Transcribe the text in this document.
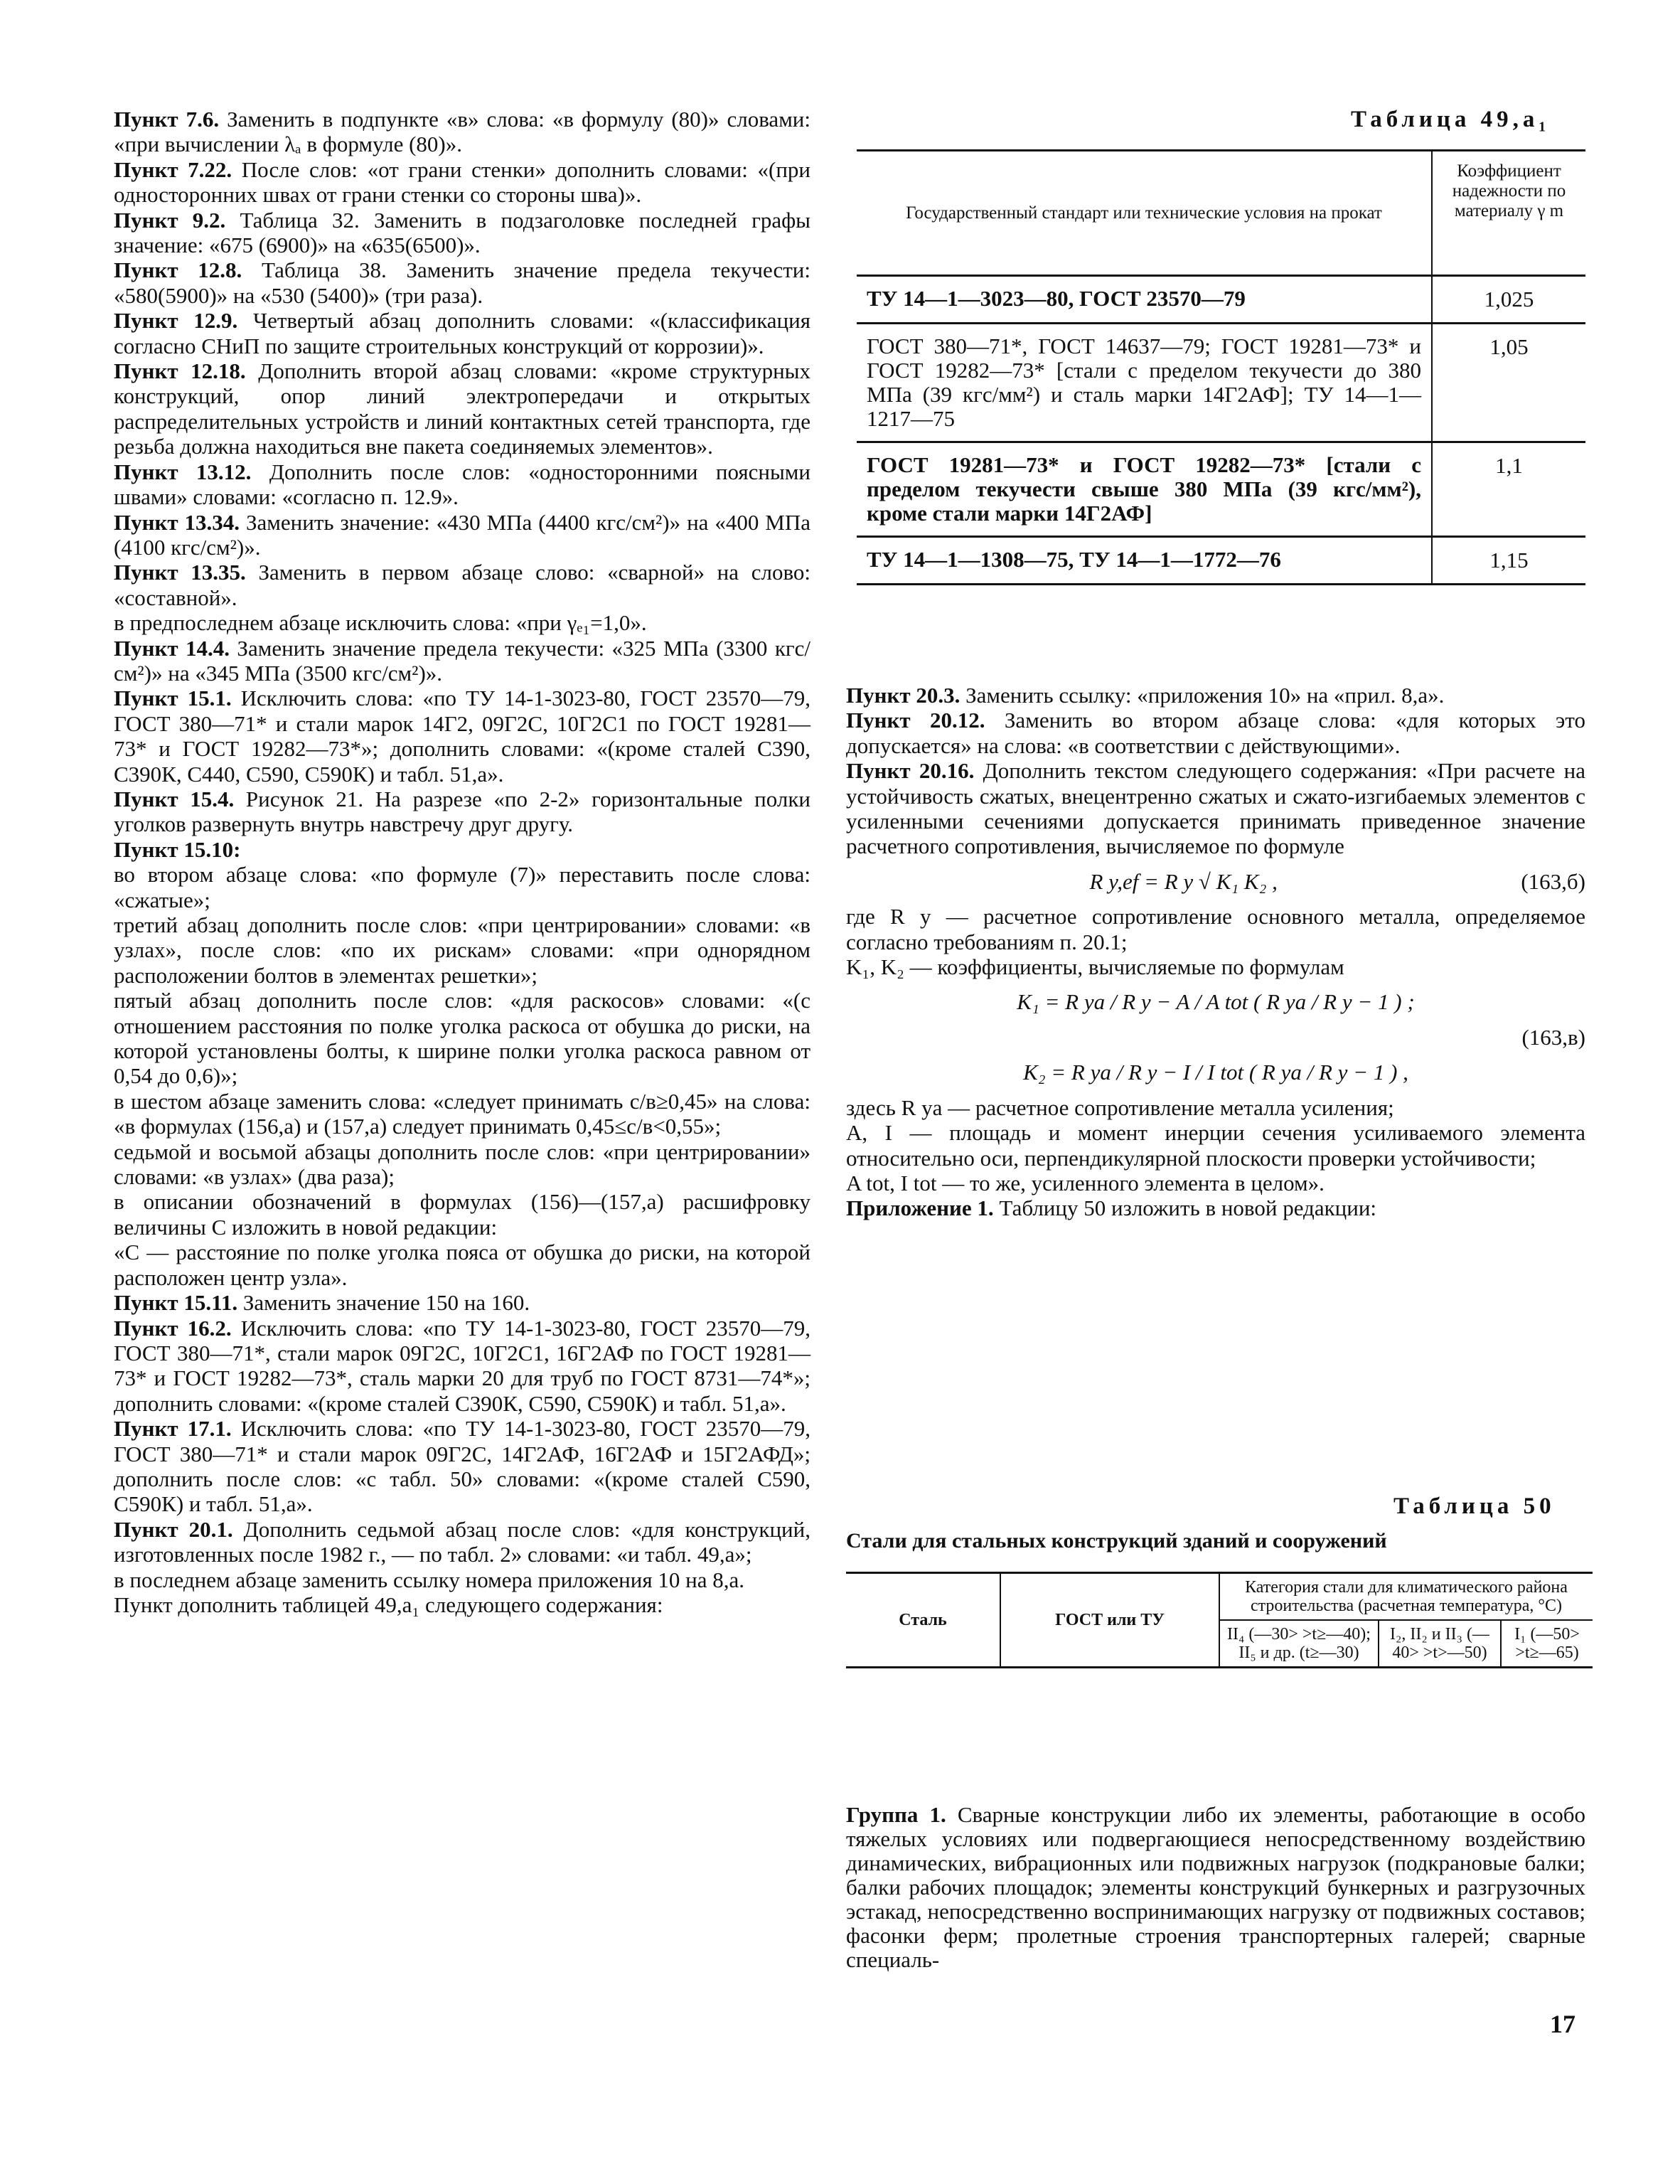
Пункт 7.6. Заменить в подпункте «в» слова: «в формулу (80)» словами: «при вычислении λₐ в формуле (80)».

Пункт 7.22. После слов: «от грани стенки» дополнить словами: «(при односторонних швах от грани стенки со стороны шва)».

Пункт 9.2. Таблица 32. Заменить в подзаголовке последней графы значение: «675 (6900)» на «635(6500)».

Пункт 12.8. Таблица 38. Заменить значение предела текучести: «580(5900)» на «530 (5400)» (три раза).

Пункт 12.9. Четвертый абзац дополнить словами: «(классификация согласно СНиП по защите строительных конструкций от коррозии)».

Пункт 12.18. Дополнить второй абзац словами: «кроме структурных конструкций, опор линий электропередачи и открытых распределительных устройств и линий контактных сетей транспорта, где резьба должна находиться вне пакета соединяемых элементов».

Пункт 13.12. Дополнить после слов: «односторонними поясными швами» словами: «согласно п. 12.9».

Пункт 13.34. Заменить значение: «430 МПа (4400 кгс/см²)» на «400 МПа (4100 кгс/см²)».

Пункт 13.35. Заменить в первом абзаце слово: «сварной» на слово: «составной».

в предпоследнем абзаце исключить слова: «при γₑ₁=1,0».

Пункт 14.4. Заменить значение предела текучести: «325 МПа (3300 кгс/см²)» на «345 МПа (3500 кгс/см²)».

Пункт 15.1. Исключить слова: «по ТУ 14-1-3023-80, ГОСТ 23570—79, ГОСТ 380—71* и стали марок 14Г2, 09Г2С, 10Г2С1 по ГОСТ 19281—73* и ГОСТ 19282—73*»; дополнить словами: «(кроме сталей С390, С390К, С440, С590, С590К) и табл. 51,а».

Пункт 15.4. Рисунок 21. На разрезе «по 2-2» горизонтальные полки уголков развернуть внутрь навстречу друг другу.

Пункт 15.10:

во втором абзаце слова: «по формуле (7)» переставить после слова: «сжатые»;

третий абзац дополнить после слов: «при центрировании» словами: «в узлах», после слов: «по их рискам» словами: «при однорядном расположении болтов в элементах решетки»;

пятый абзац дополнить после слов: «для раскосов» словами: «(с отношением расстояния по полке уголка раскоса от обушка до риски, на которой установлены болты, к ширине полки уголка раскоса равном от 0,54 до 0,6)»;

в шестом абзаце заменить слова: «следует принимать c/в≥0,45» на слова: «в формулах (156,а) и (157,а) следует принимать 0,45≤c/в<0,55»;

седьмой и восьмой абзацы дополнить после слов: «при центрировании» словами: «в узлах» (два раза);

в описании обозначений в формулах (156)—(157,а) расшифровку величины С изложить в новой редакции:

«С — расстояние по полке уголка пояса от обушка до риски, на которой расположен центр узла».

Пункт 15.11. Заменить значение 150 на 160.

Пункт 16.2. Исключить слова: «по ТУ 14-1-3023-80, ГОСТ 23570—79, ГОСТ 380—71*, стали марок 09Г2С, 10Г2С1, 16Г2АФ по ГОСТ 19281—73* и ГОСТ 19282—73*, сталь марки 20 для труб по ГОСТ 8731—74*»; дополнить словами: «(кроме сталей С390К, С590, С590К) и табл. 51,а».

Пункт 17.1. Исключить слова: «по ТУ 14-1-3023-80, ГОСТ 23570—79, ГОСТ 380—71* и стали марок 09Г2С, 14Г2АФ, 16Г2АФ и 15Г2АФД»; дополнить после слов: «с табл. 50» словами: «(кроме сталей С590, С590К) и табл. 51,а».

Пункт 20.1. Дополнить седьмой абзац после слов: «для конструкций, изготовленных после 1982 г., — по табл. 2» словами: «и табл. 49,а»;

в последнем абзаце заменить ссылку номера приложения 10 на 8,а.

Пункт дополнить таблицей 49,а₁ следующего содержания:

Таблица 49,а₁
Государственный стандарт или технические условия на прокат	Коэффициент надежности по материалу γ m
ТУ 14—1—3023—80, ГОСТ 23570—79	1,025
ГОСТ 380—71*, ГОСТ 14637—79; ГОСТ 19281—73* и ГОСТ 19282—73* [стали с пределом текучести до 380 МПа (39 кгс/мм²) и сталь марки 14Г2АФ]; ТУ 14—1—1217—75	1,05
ГОСТ 19281—73* и ГОСТ 19282—73* [стали с пределом текучести свыше 380 МПа (39 кгс/мм²), кроме стали марки 14Г2АФ]	1,1
ТУ 14—1—1308—75, ТУ 14—1—1772—76	1,15

Пункт 20.3. Заменить ссылку: «приложения 10» на «прил. 8,а».

Пункт 20.12. Заменить во втором абзаце слова: «для которых это допускается» на слова: «в соответствии с действующими».

Пункт 20.16. Дополнить текстом следующего содержания: «При расчете на устойчивость сжатых, внецентренно сжатых и сжато-изгибаемых элементов с усиленными сечениями допускается принимать приведенное значение расчетного сопротивления, вычисляемое по формуле

R y,ef = R y √ K₁ K₂ ,	(163,б)

где R y — расчетное сопротивление основного металла, определяемое согласно требованиям п. 20.1;

K₁, K₂ — коэффициенты, вычисляемые по формулам

K₁ = R ya / R y − A / A tot ( R ya / R y − 1 ) ;
(163,в)

K₂ = R ya / R y − I / I tot ( R ya / R y − 1 ) ,

здесь R ya — расчетное сопротивление металла усиления;

A, I — площадь и момент инерции сечения усиливаемого элемента относительно оси, перпендикулярной плоскости проверки устойчивости;

A tot, I tot — то же, усиленного элемента в целом».

Приложение 1. Таблицу 50 изложить в новой редакции:

Таблица 50
Стали для стальных конструкций зданий и сооружений
Сталь	ГОСТ или ТУ	Категория стали для климатического района строительства (расчетная температура, °С)		
		II₄ (—30> >t≥—40); II₅ и др. (t≥—30)	I₂, II₂ и II₃ (—40> >t>—50)	I₁ (—50> >t≥—65)

Группа 1. Сварные конструкции либо их элементы, работающие в особо тяжелых условиях или подвергающиеся непосредственному воздействию динамических, вибрационных или подвижных нагрузок (подкрановые балки; балки рабочих площадок; элементы конструкций бункерных и разгрузочных эстакад, непосредственно воспринимающих нагрузку от подвижных составов; фасонки ферм; пролетные строения транспортерных галерей; сварные специаль-

17
